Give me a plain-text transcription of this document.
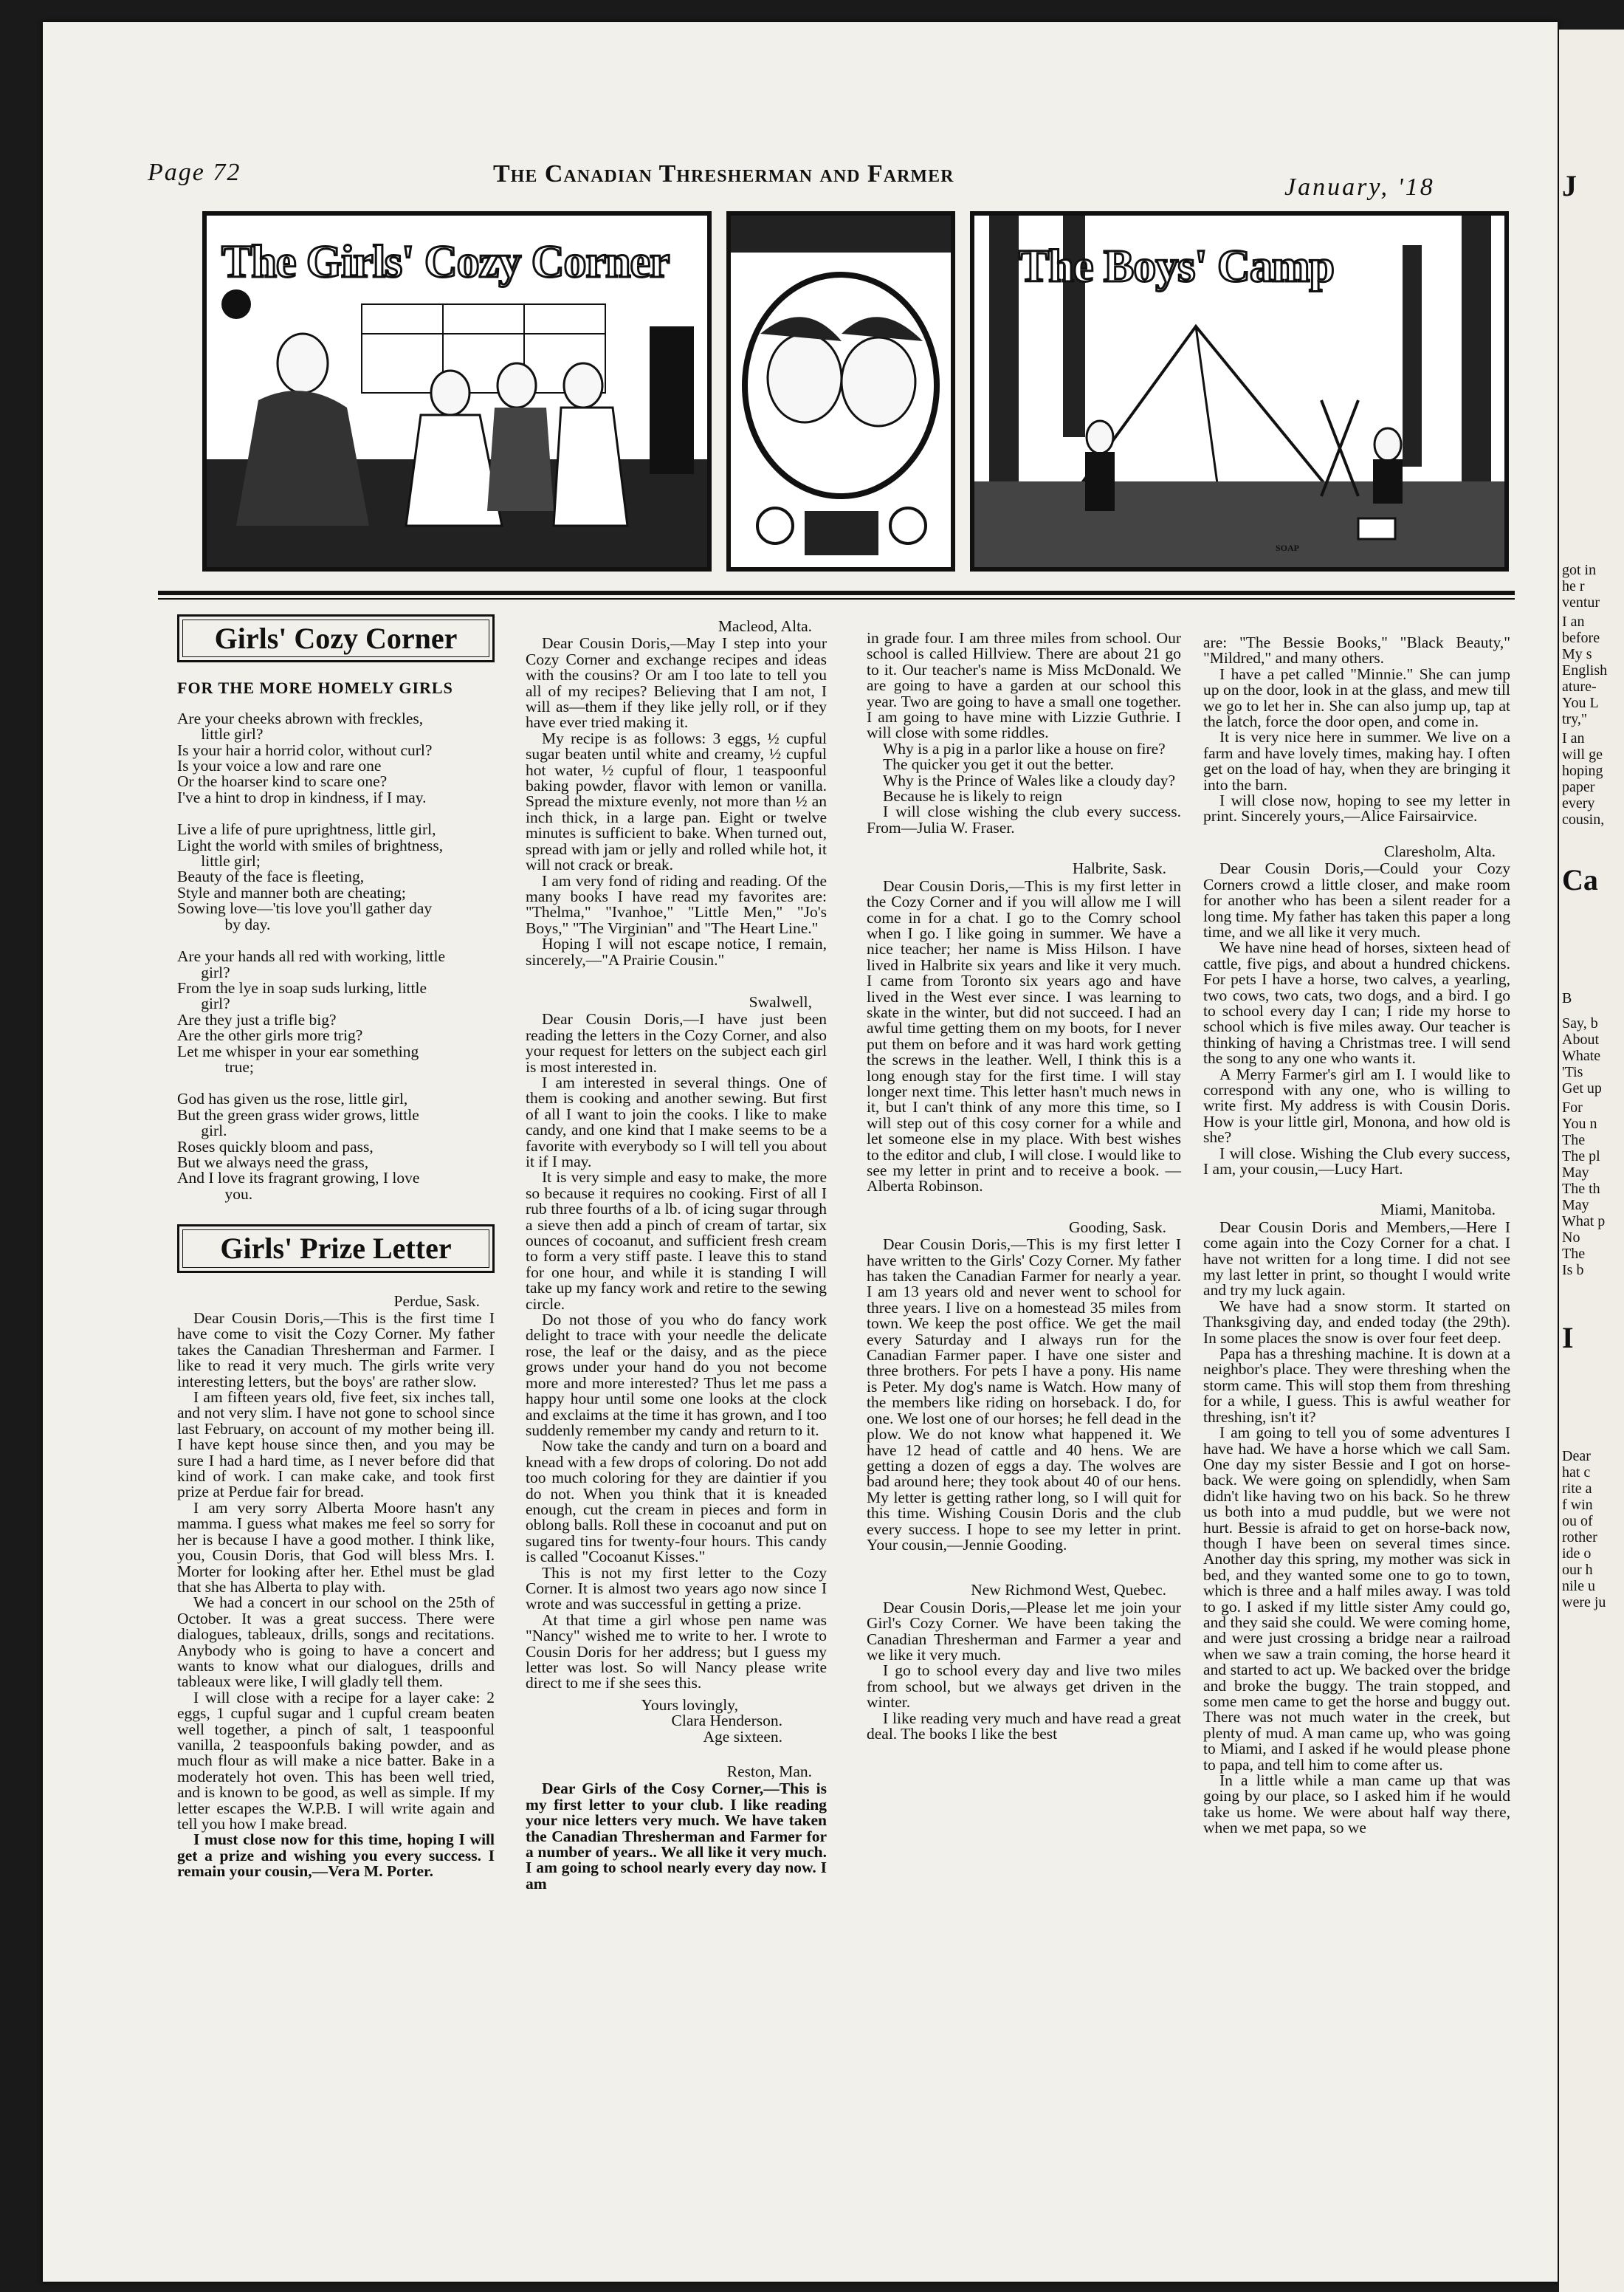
Page 72	The Canadian Thresherman and Farmer	January, '18
The Girls' Cozy Corner	The Boys' Camp
SOAP
Girls' Cozy Corner
FOR THE MORE HOMELY GIRLS
Are your cheeks abrown with freckles,
little girl?
Is your hair a horrid color, without curl?
Is your voice a low and rare one
Or the hoarser kind to scare one?
I've a hint to drop in kindness, if I may.
Live a life of pure uprightness, little girl,
Light the world with smiles of brightness,
little girl;
Beauty of the face is fleeting,
Style and manner both are cheating;
Sowing love—'tis love you'll gather day
by day.
Are your hands all red with working, little
girl?
From the lye in soap suds lurking, little
girl?
Are they just a trifle big?
Are the other girls more trig?
Let me whisper in your ear something
true;
God has given us the rose, little girl,
But the green grass wider grows, little
girl.
Roses quickly bloom and pass,
But we always need the grass,
And I love its fragrant growing, I love
you.
Girls' Prize Letter
Perdue, Sask.

Dear Cousin Doris,—This is the first time I have come to visit the Cozy Corner. My father takes the Canadian Thresherman and Farmer. I like to read it very much. The girls write very interesting letters, but the boys' are rather slow.

I am fifteen years old, five feet, six inches tall, and not very slim. I have not gone to school since last February, on account of my mother being ill. I have kept house since then, and you may be sure I had a hard time, as I never before did that kind of work. I can make cake, and took first prize at Perdue fair for bread.

I am very sorry Alberta Moore hasn't any mamma. I guess what makes me feel so sorry for her is because I have a good mother. I think like, you, Cousin Doris, that God will bless Mrs. I. Morter for looking after her. Ethel must be glad that she has Alberta to play with.

We had a concert in our school on the 25th of October. It was a great success. There were dialogues, tableaux, drills, songs and recitations. Anybody who is going to have a concert and wants to know what our dialogues, drills and tableaux were like, I will gladly tell them.

I will close with a recipe for a layer cake: 2 eggs, 1 cupful sugar and 1 cupful cream beaten well together, a pinch of salt, 1 teaspoonful vanilla, 2 teaspoonfuls baking powder, and as much flour as will make a nice batter. Bake in a moderately hot oven. This has been well tried, and is known to be good, as well as simple. If my letter escapes the W.P.B. I will write again and tell you how I make bread.

I must close now for this time, hoping I will get a prize and wishing you every success. I remain your cousin,—Vera M. Porter.

Macleod, Alta.

Dear Cousin Doris,—May I step into your Cozy Corner and exchange recipes and ideas with the cousins? Or am I too late to tell you all of my recipes? Believing that I am not, I will as—them if they like jelly roll, or if they have ever tried making it.

My recipe is as follows: 3 eggs, ½ cupful sugar beaten until white and creamy, ½ cupful hot water, ½ cupful of flour, 1 teaspoonful baking powder, flavor with lemon or vanilla. Spread the mixture evenly, not more than ½ an inch thick, in a large pan. Eight or twelve minutes is sufficient to bake. When turned out, spread with jam or jelly and rolled while hot, it will not crack or break.

I am very fond of riding and reading. Of the many books I have read my favorites are: "Thelma," "Ivanhoe," "Little Men," "Jo's Boys," "The Virginian" and "The Heart Line."

Hoping I will not escape notice, I remain, sincerely,—"A Prairie Cousin."

Swalwell,

Dear Cousin Doris,—I have just been reading the letters in the Cozy Corner, and also your request for letters on the subject each girl is most interested in.

I am interested in several things. One of them is cooking and another sewing. But first of all I want to join the cooks. I like to make candy, and one kind that I make seems to be a favorite with everybody so I will tell you about it if I may.

It is very simple and easy to make, the more so because it requires no cooking. First of all I rub three fourths of a lb. of icing sugar through a sieve then add a pinch of cream of tartar, six ounces of cocoanut, and sufficient fresh cream to form a very stiff paste. I leave this to stand for one hour, and while it is standing I will take up my fancy work and retire to the sewing circle.

Do not those of you who do fancy work delight to trace with your needle the delicate rose, the leaf or the daisy, and as the piece grows under your hand do you not become more and more interested? Thus let me pass a happy hour until some one looks at the clock and exclaims at the time it has grown, and I too suddenly remember my candy and return to it.

Now take the candy and turn on a board and knead with a few drops of coloring. Do not add too much coloring for they are daintier if you do not. When you think that it is kneaded enough, cut the cream in pieces and form in oblong balls. Roll these in cocoanut and put on sugared tins for twenty-four hours. This candy is called "Cocoanut Kisses."

This is not my first letter to the Cozy Corner. It is almost two years ago now since I wrote and was successful in getting a prize.

At that time a girl whose pen name was "Nancy" wished me to write to her. I wrote to Cousin Doris for her address; but I guess my letter was lost. So will Nancy please write direct to me if she sees this.

Yours lovingly,

Clara Henderson.

Age sixteen.

Reston, Man.

Dear Girls of the Cosy Corner,—This is my first letter to your club. I like reading your nice letters very much. We have taken the Canadian Thresherman and Farmer for a number of years.. We all like it very much. I am going to school nearly every day now. I am

in grade four. I am three miles from school. Our school is called Hillview. There are about 21 go to it. Our teacher's name is Miss McDonald. We are going to have a garden at our school this year. Two are going to have a small one together. I am going to have mine with Lizzie Guthrie. I will close with some riddles.

Why is a pig in a parlor like a house on fire?

The quicker you get it out the better.

Why is the Prince of Wales like a cloudy day?

Because he is likely to reign

I will close wishing the club every success. From—Julia W. Fraser.

Halbrite, Sask.

Dear Cousin Doris,—This is my first letter in the Cozy Corner and if you will allow me I will come in for a chat. I go to the Comry school when I go. I like going in summer. We have a nice teacher; her name is Miss Hilson. I have lived in Halbrite six years and like it very much. I came from Toronto six years ago and have lived in the West ever since. I was learning to skate in the winter, but did not succeed. I had an awful time getting them on my boots, for I never put them on before and it was hard work getting the screws in the leather. Well, I think this is a long enough stay for the first time. I will stay longer next time. This letter hasn't much news in it, but I can't think of any more this time, so I will step out of this cosy corner for a while and let someone else in my place. With best wishes to the editor and club, I will close. I would like to see my letter in print and to receive a book. — Alberta Robinson.

Gooding, Sask.

Dear Cousin Doris,—This is my first letter I have written to the Girls' Cozy Corner. My father has taken the Canadian Farmer for nearly a year. I am 13 years old and never went to school for three years. I live on a homestead 35 miles from town. We keep the post office. We get the mail every Saturday and I always run for the Canadian Farmer paper. I have one sister and three brothers. For pets I have a pony. His name is Peter. My dog's name is Watch. How many of the members like riding on horseback. I do, for one. We lost one of our horses; he fell dead in the plow. We do not know what happened it. We have 12 head of cattle and 40 hens. We are getting a dozen of eggs a day. The wolves are bad around here; they took about 40 of our hens. My letter is getting rather long, so I will quit for this time. Wishing Cousin Doris and the club every success. I hope to see my letter in print. Your cousin,—Jennie Gooding.

New Richmond West, Quebec.

Dear Cousin Doris,—Please let me join your Girl's Cozy Corner. We have been taking the Canadian Thresherman and Farmer a year and we like it very much.

I go to school every day and live two miles from school, but we always get driven in the winter.

I like reading very much and have read a great deal. The books I like the best

are: "The Bessie Books," "Black Beauty," "Mildred," and many others.

I have a pet called "Minnie." She can jump up on the door, look in at the glass, and mew till we go to let her in. She can also jump up, tap at the latch, force the door open, and come in.

It is very nice here in summer. We live on a farm and have lovely times, making hay. I often get on the load of hay, when they are bringing it into the barn.

I will close now, hoping to see my letter in print. Sincerely yours,—Alice Fairsairvice.

Claresholm, Alta.

Dear Cousin Doris,—Could your Cozy Corners crowd a little closer, and make room for another who has been a silent reader for a long time. My father has taken this paper a long time, and we all like it very much.

We have nine head of horses, sixteen head of cattle, five pigs, and about a hundred chickens. For pets I have a horse, two calves, a yearling, two cows, two cats, two dogs, and a bird. I go to school every day I can; I ride my horse to school which is five miles away. Our teacher is thinking of having a Christmas tree. I will send the song to any one who wants it.

A Merry Farmer's girl am I. I would like to correspond with any one, who is willing to write first. My address is with Cousin Doris. How is your little girl, Monona, and how old is she?

I will close. Wishing the Club every success, I am, your cousin,—Lucy Hart.

Miami, Manitoba.

Dear Cousin Doris and Members,—Here I come again into the Cozy Corner for a chat. I have not written for a long time. I did not see my last letter in print, so thought I would write and try my luck again.

We have had a snow storm. It started on Thanksgiving day, and ended today (the 29th). In some places the snow is over four feet deep.

Papa has a threshing machine. It is down at a neighbor's place. They were threshing when the storm came. This will stop them from threshing for a while, I guess. This is awful weather for threshing, isn't it?

I am going to tell you of some adventures I have had. We have a horse which we call Sam. One day my sister Bessie and I got on horse-back. We were going on splendidly, when Sam didn't like having two on his back. So he threw us both into a mud puddle, but we were not hurt. Bessie is afraid to get on horse-back now, though I have been on several times since. Another day this spring, my mother was sick in bed, and they wanted some one to go to town, which is three and a half miles away. I was told to go. I asked if my little sister Amy could go, and they said she could. We were coming home, and were just crossing a bridge near a railroad when we saw a train coming, the horse heard it and started to act up. We backed over the bridge and broke the buggy. The train stopped, and some men came to get the horse and buggy out. There was not much water in the creek, but plenty of mud. A man came up, who was going to Miami, and I asked if he would please phone to papa, and tell him to come after us.

In a little while a man came up that was going by our place, so I asked him if he would take us home. We were about half way there, when we met papa, so we

J
got in
he r
ventur
I an
before
My s
English
ature-
You L
try,"
I an
will ge
hoping
paper
every
cousin,
Ca
B
Say, b
About
Whate
'Tis
Get up
For
You n
The
The pl
May
The th
May
What p
No
The
Is b
I
Dear
hat c
rite a
f win
ou of
rother
ide o
our h
nile u
were ju
